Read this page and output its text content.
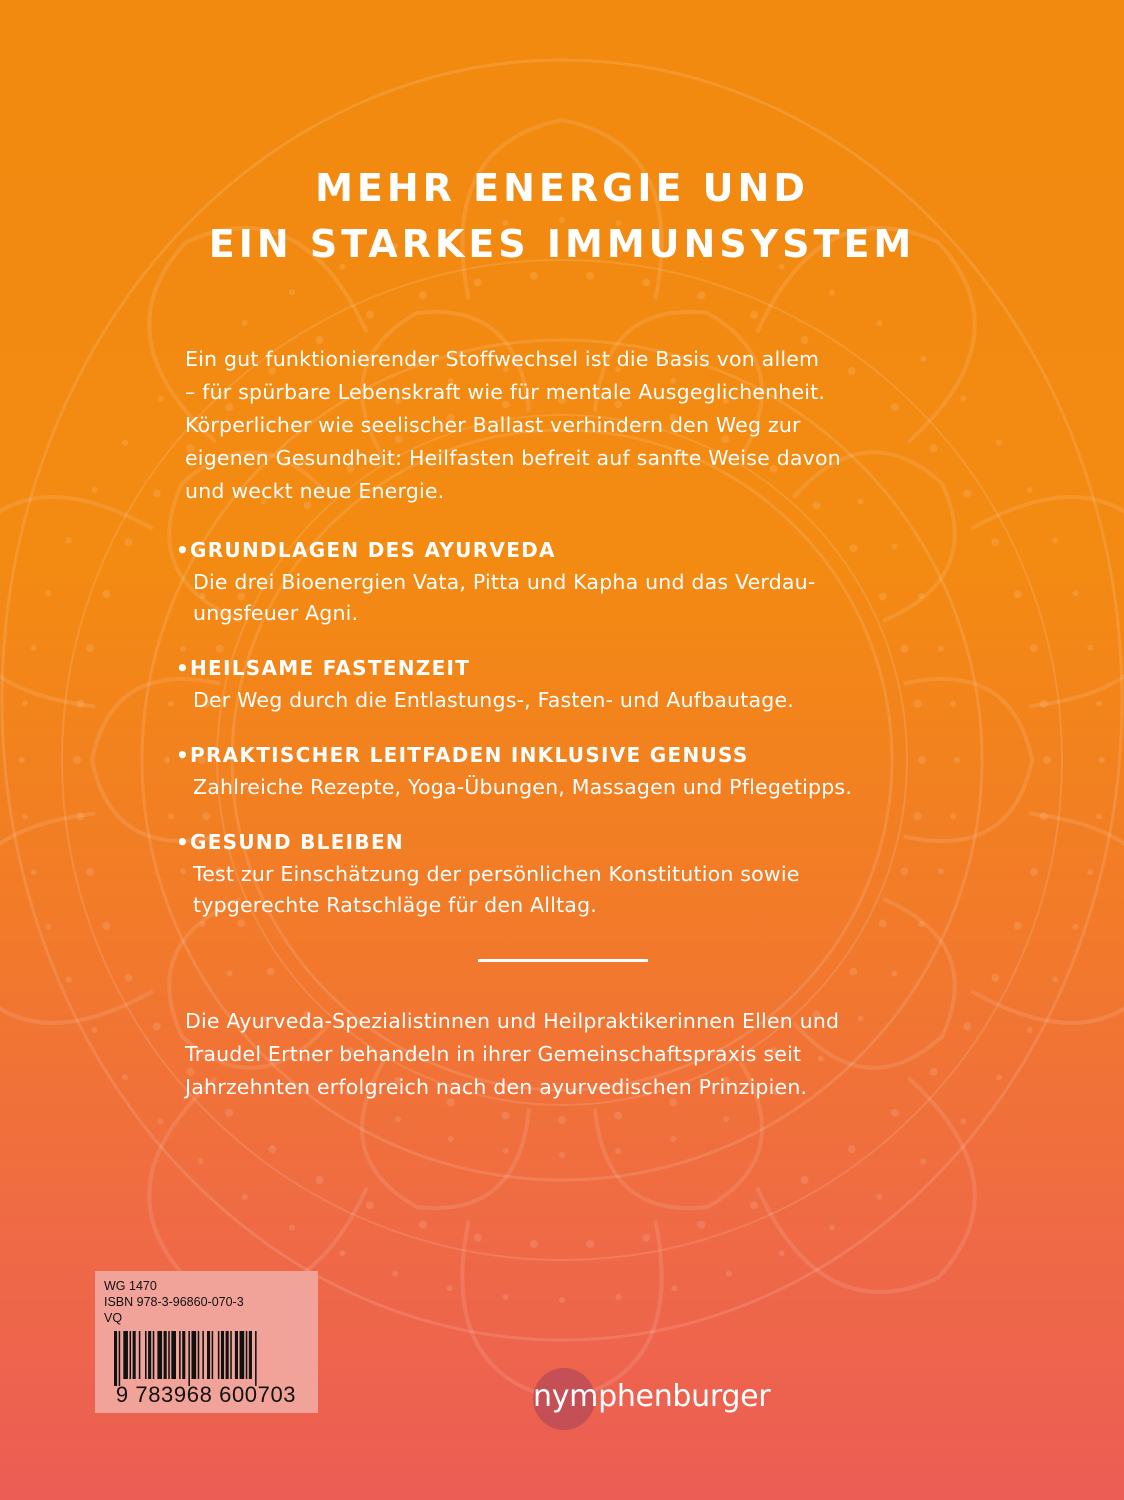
MEHR ENERGIE UND
EIN STARKES IMMUNSYSTEM

Ein gut funktionierender Stoffwechsel ist die Basis von allem
– für spürbare Lebenskraft wie für mentale Ausgeglichenheit.
Körperlicher wie seelischer Ballast verhindern den Weg zur
eigenen Gesundheit: Heilfasten befreit auf sanfte Weise davon
und weckt neue Energie.

•GRUNDLAGEN DES AYURVEDA
Die drei Bioenergien Vata, Pitta und Kapha und das Verdau-
ungsfeuer Agni.
•HEILSAME FASTENZEIT
Der Weg durch die Entlastungs-, Fasten- und Aufbautage.
•PRAKTISCHER LEITFADEN INKLUSIVE GENUSS
Zahlreiche Rezepte, Yoga-Übungen, Massagen und Pflegetipps.
•GESUND BLEIBEN
Test zur Einschätzung der persönlichen Konstitution sowie
typgerechte Ratschläge für den Alltag.

Die Ayurveda-Spezialistinnen und Heilpraktikerinnen Ellen und
Traudel Ertner behandeln in ihrer Gemeinschaftspraxis seit
Jahrzehnten erfolgreich nach den ayurvedischen Prinzipien.

WG 1470

ISBN 978-3-96860-070-3

VQ

9 783968 600703	nymphenburger
